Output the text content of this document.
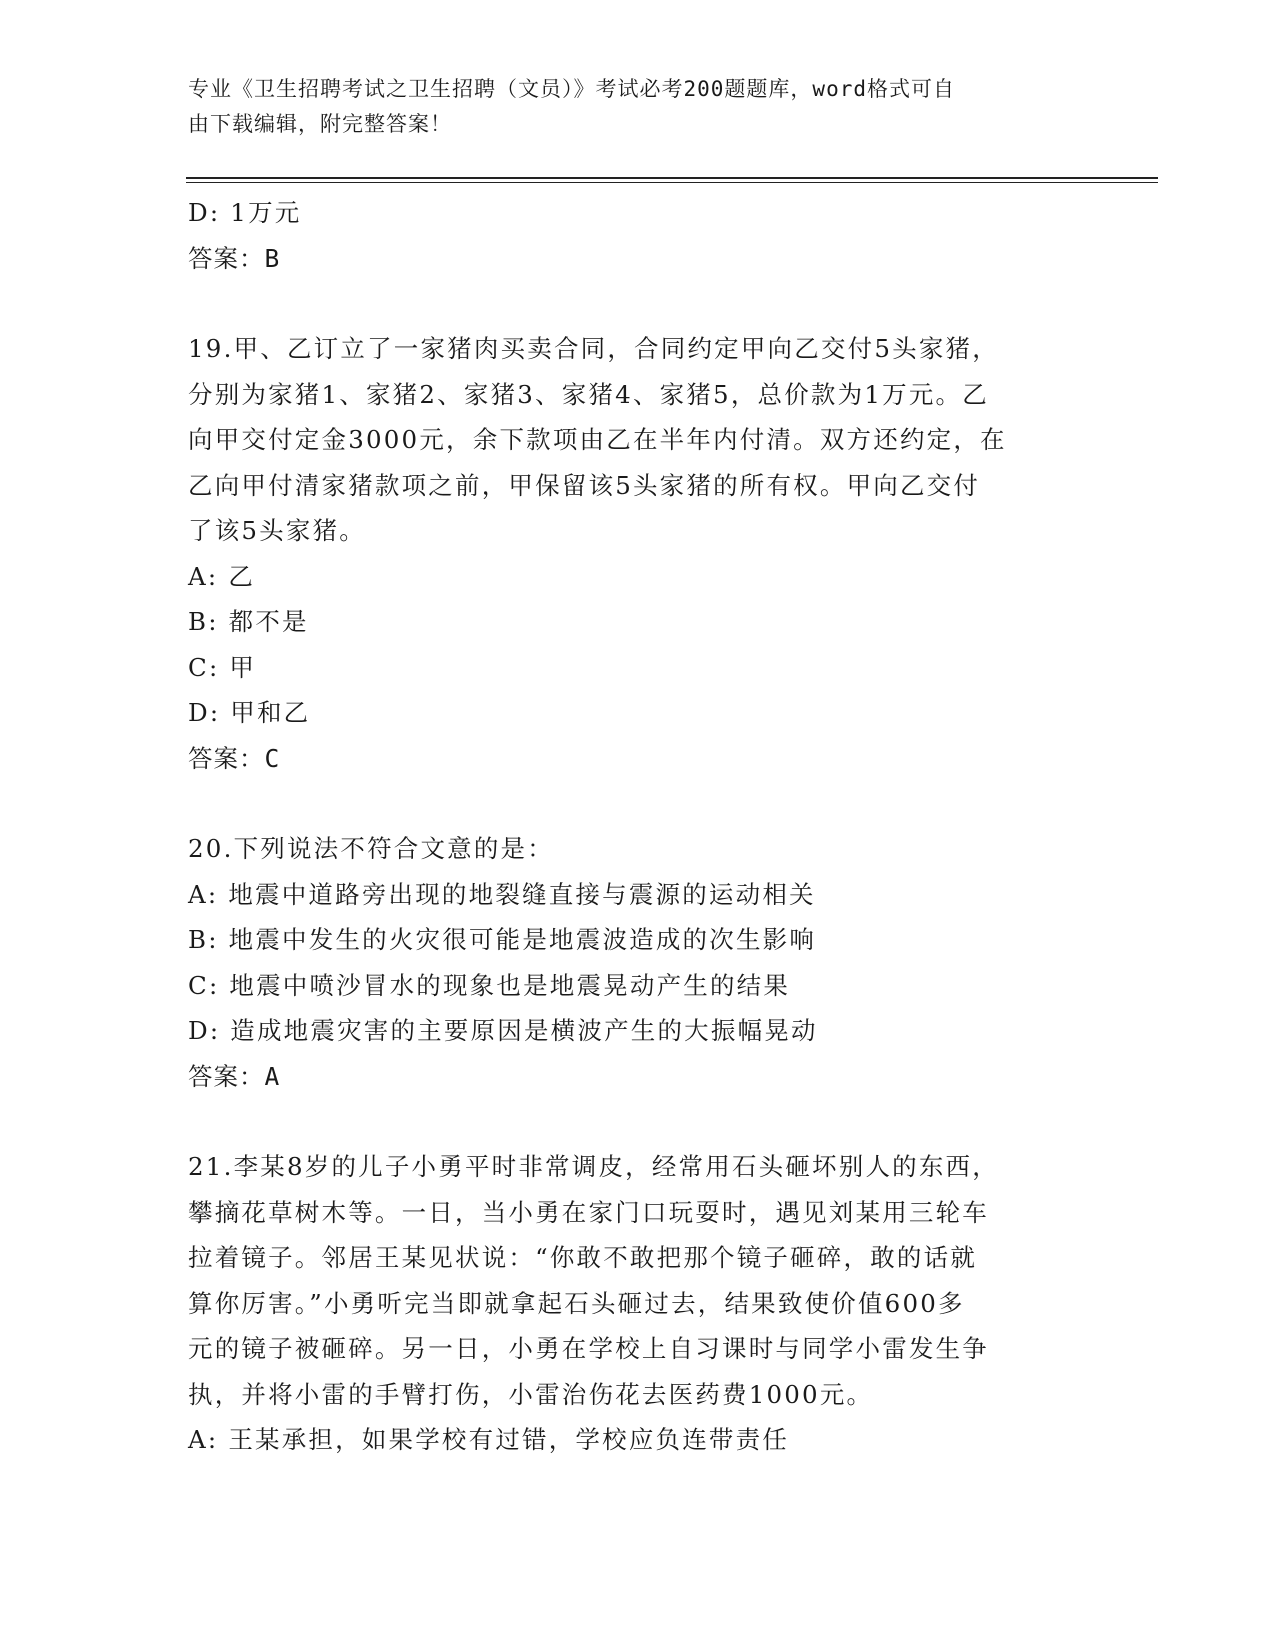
专业《卫生招聘考试之卫生招聘（文员）》考试必考200题题库，word格式可自
由下载编辑，附完整答案！
D: 1万元
答案：B
19.甲、乙订立了一家猪肉买卖合同，合同约定甲向乙交付5头家猪，
分别为家猪1、家猪2、家猪3、家猪4、家猪5，总价款为1万元。乙
向甲交付定金3000元，余下款项由乙在半年内付清。双方还约定，在
乙向甲付清家猪款项之前，甲保留该5头家猪的所有权。甲向乙交付
了该5头家猪。
A: 乙
B: 都不是
C: 甲
D: 甲和乙
答案：C
20.下列说法不符合文意的是：
A: 地震中道路旁出现的地裂缝直接与震源的运动相关
B: 地震中发生的火灾很可能是地震波造成的次生影响
C: 地震中喷沙冒水的现象也是地震晃动产生的结果
D: 造成地震灾害的主要原因是横波产生的大振幅晃动
答案：A
21.李某8岁的儿子小勇平时非常调皮，经常用石头砸坏别人的东西，
攀摘花草树木等。一日，当小勇在家门口玩耍时，遇见刘某用三轮车
拉着镜子。邻居王某见状说：“你敢不敢把那个镜子砸碎，敢的话就
算你厉害。”小勇听完当即就拿起石头砸过去，结果致使价值600多
元的镜子被砸碎。另一日，小勇在学校上自习课时与同学小雷发生争
执，并将小雷的手臂打伤，小雷治伤花去医药费1000元。
A: 王某承担，如果学校有过错，学校应负连带责任
